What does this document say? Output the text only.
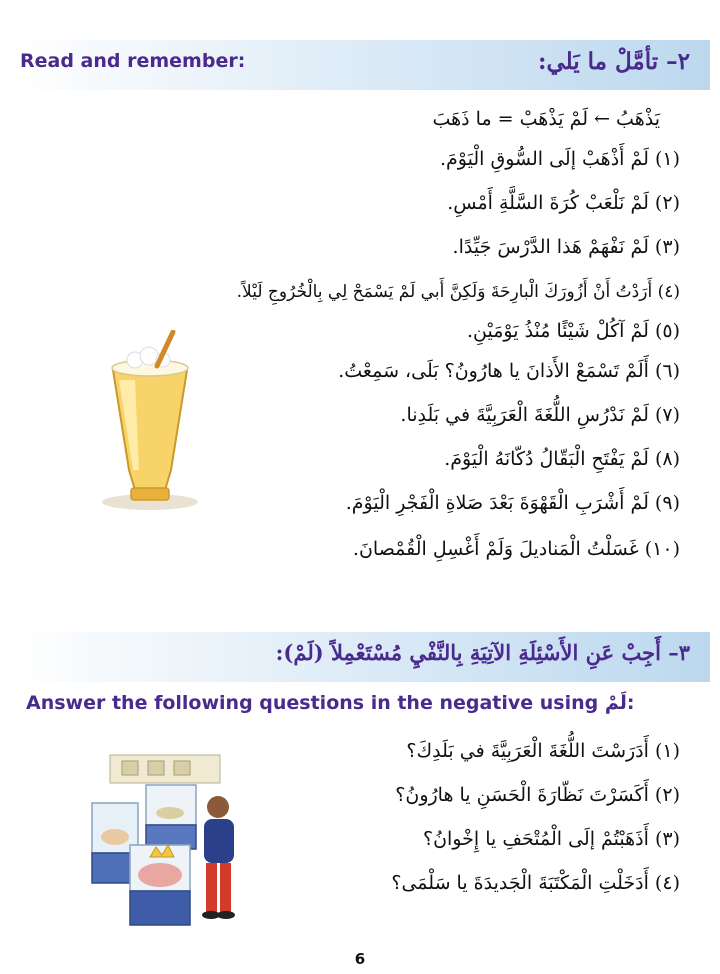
Read and remember:	٢– تأمَّلْ ما يَلي:
يَذْهَبُ ← لَمْ يَذْهَبْ = ما ذَهَبَ
(١) لَمْ أَذْهَبْ إلَى السُّوقِ الْيَوْمَ.
(٢) لَمْ نَلْعَبْ كُرَةَ السَّلَّةِ أَمْسِ.
(٣) لَمْ نَفْهَمْ هَذا الدَّرْسَ جَيِّدًا.
(٤) أَرَدْتُ أَنْ أَزُورَكَ الْبارِحَةَ وَلَكِنَّ أَبي لَمْ يَسْمَحْ لِي بِالْخُرُوجِ لَيْلاً.
(٥) لَمْ آكُلْ شَيْئًا مُنْذُ يَوْمَيْنِ.
(٦) أَلَمْ تَسْمَعْ الأَذانَ يا هارُونُ؟ بَلَى، سَمِعْتُ.
(٧) لَمْ نَدْرُسِ اللُّغَةَ الْعَرَبِيَّةَ في بَلَدِنا.
(٨) لَمْ يَفْتَحِ الْبَقّالُ دُكّانَهُ الْيَوْمَ.
(٩) لَمْ أَشْرَبِ الْقَهْوَةَ بَعْدَ صَلاةِ الْفَجْرِ الْيَوْمَ.
(١٠) غَسَلْتُ الْمَناديلَ وَلَمْ أَغْسِلِ الْقُمْصانَ.
٣– أَجِبْ عَنِ الأَسْئِلَةِ الآتِيَةِ بِالنَّفْيِ مُسْتَعْمِلاً (لَمْ):
Answer the following questions in the negative using لَمْ:
(١) أَدَرَسْتَ اللُّغَةَ الْعَرَبِيَّةَ في بَلَدِكَ؟
(٢) أَكَسَرْتَ نَظّارَةَ الْحَسَنِ يا هارُونُ؟
(٣) أَذَهَبْتُمْ إلَى الْمُتْحَفِ يا إِخْوانُ؟
(٤) أَدَخَلْتِ الْمَكْتَبَةَ الْجَديدَةَ يا سَلْمَى؟
6
